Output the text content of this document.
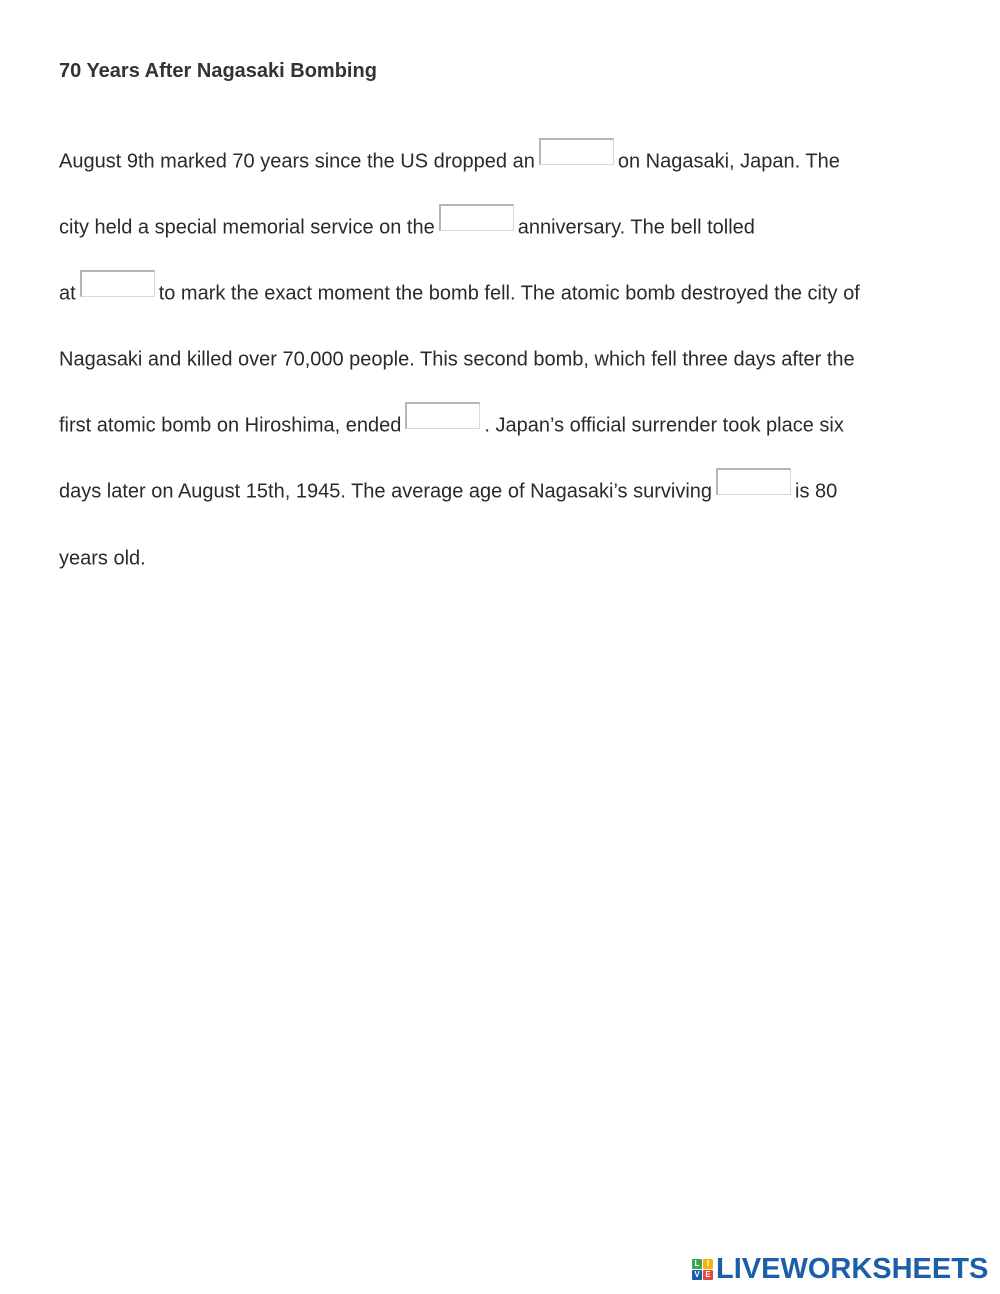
70 Years After Nagasaki Bombing
August 9th marked 70 years since the US dropped an	on Nagasaki, Japan. The
city held a special memorial service on the	anniversary. The bell tolled
at	to mark the exact moment the bomb fell. The atomic bomb destroyed the city of
Nagasaki and killed over 70,000 people. This second bomb, which fell three days after the
first atomic bomb on Hiroshima, ended	. Japan’s official surrender took place six
days later on August 15th, 1945. The average age of Nagasaki’s surviving	is 80
years old.
L I
V E LIVEWORKSHEETS
